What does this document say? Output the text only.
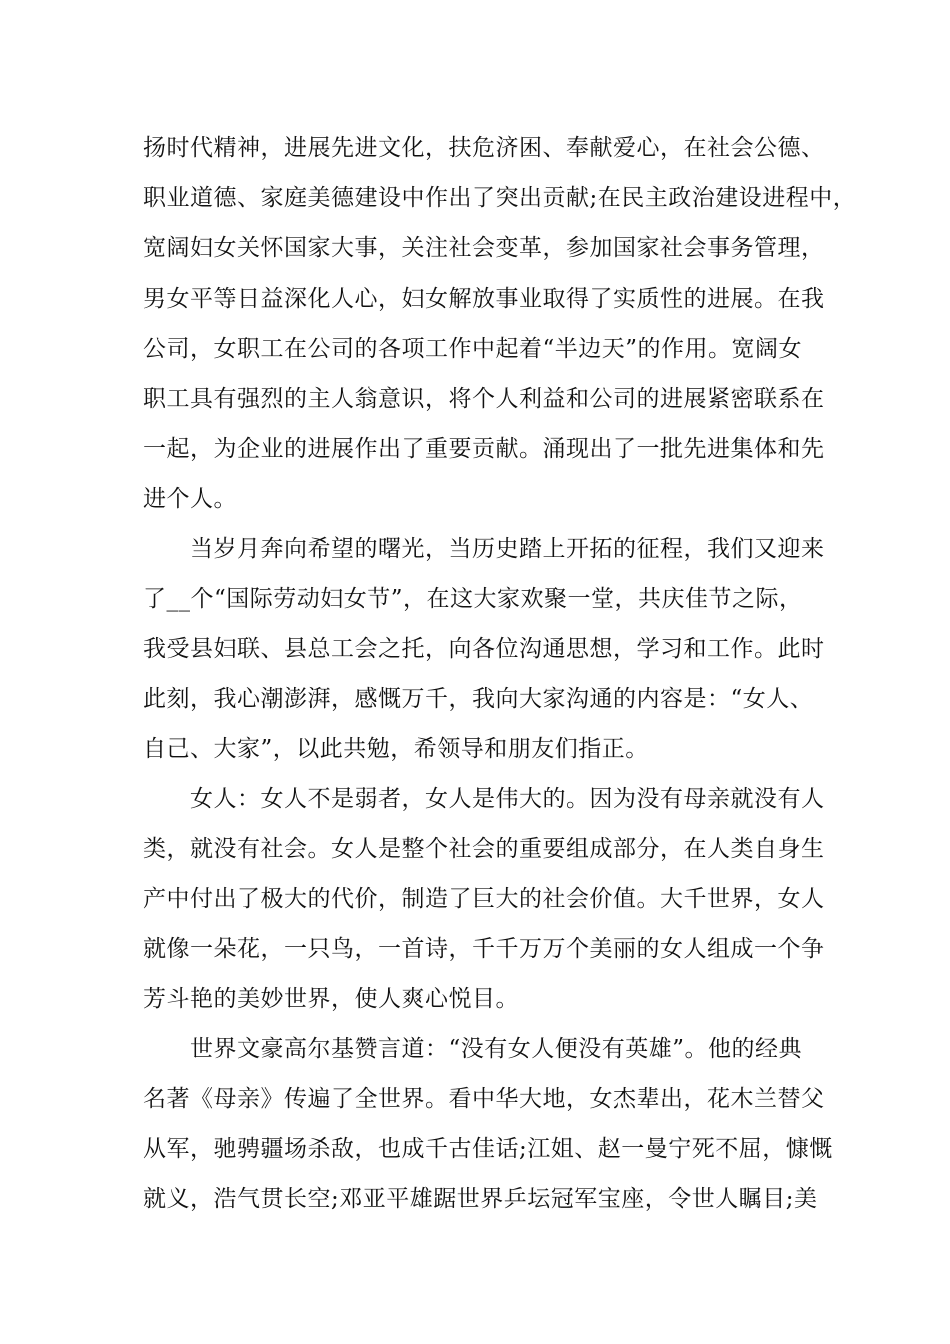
扬时代精神，进展先进文化，扶危济困、奉献爱心，在社会公德、
职业道德、家庭美德建设中作出了突出贡献;在民主政治建设进程中，
宽阔妇女关怀国家大事，关注社会变革，参加国家社会事务管理，
男女平等日益深化人心，妇女解放事业取得了实质性的进展。在我
公司，女职工在公司的各项工作中起着“半边天”的作用。宽阔女
职工具有强烈的主人翁意识，将个人利益和公司的进展紧密联系在
一起，为企业的进展作出了重要贡献。涌现出了一批先进集体和先
进个人。
当岁月奔向希望的曙光，当历史踏上开拓的征程，我们又迎来
了__个“国际劳动妇女节”，在这大家欢聚一堂，共庆佳节之际，
我受县妇联、县总工会之托，向各位沟通思想，学习和工作。此时
此刻，我心潮澎湃，感慨万千，我向大家沟通的内容是：“女人、
自己、大家”，以此共勉，希领导和朋友们指正。
女人：女人不是弱者，女人是伟大的。因为没有母亲就没有人
类，就没有社会。女人是整个社会的重要组成部分，在人类自身生
产中付出了极大的代价，制造了巨大的社会价值。大千世界，女人
就像一朵花，一只鸟，一首诗，千千万万个美丽的女人组成一个争
芳斗艳的美妙世界，使人爽心悦目。
世界文豪高尔基赞言道：“没有女人便没有英雄”。他的经典
名著《母亲》传遍了全世界。看中华大地，女杰辈出，花木兰替父
从军，驰骋疆场杀敌，也成千古佳话;江姐、赵一曼宁死不屈，慷慨
就义，浩气贯长空;邓亚平雄踞世界乒坛冠军宝座，令世人瞩目;美
